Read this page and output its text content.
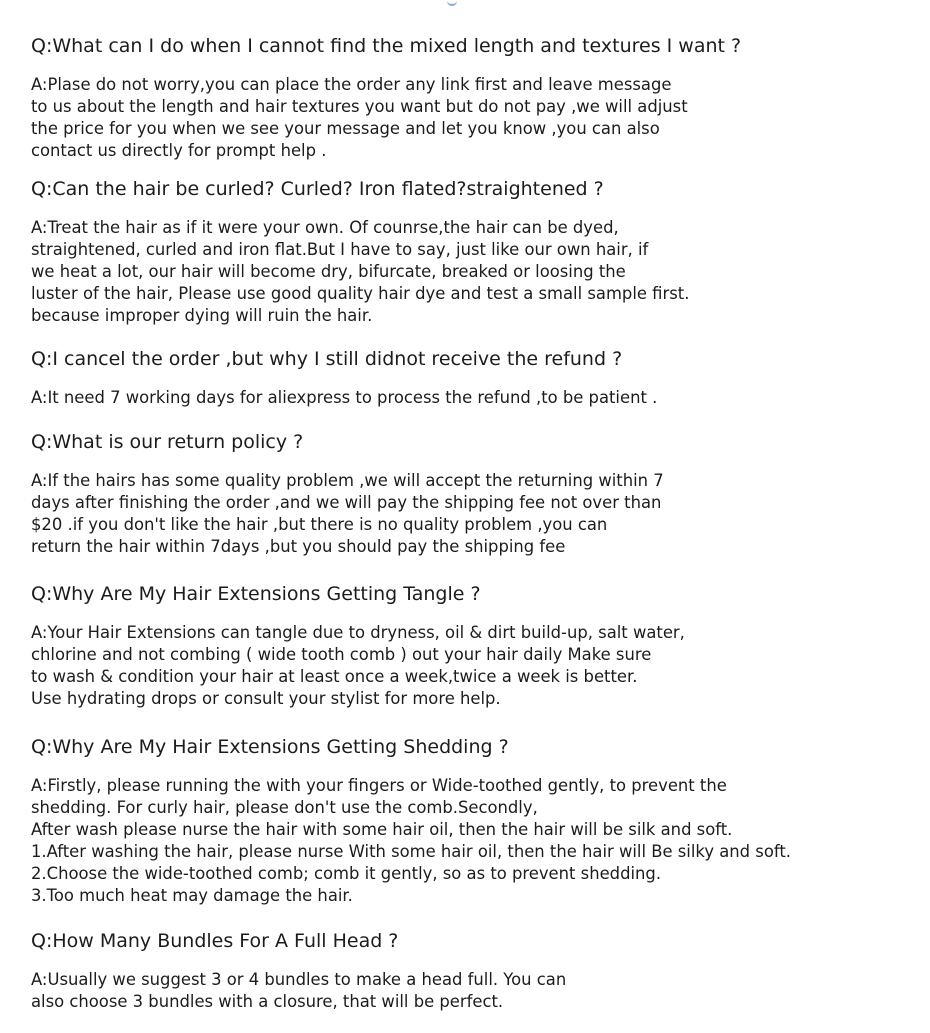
Q:What can I do when I cannot find the mixed length and textures I want ?

A:Plase do not worry,you can place the order any link first and leave message
to us about the length and hair textures you want but do not pay ,we will adjust
the price for you when we see your message and let you know ,you can also
contact us directly for prompt help .

Q:Can the hair be curled? Curled? Iron flated?straightened ?

A:Treat the hair as if it were your own. Of counrse,the hair can be dyed,
straightened, curled and iron flat.But I have to say, just like our own hair, if
we heat a lot, our hair will become dry, bifurcate, breaked or loosing the
luster of the hair, Please use good quality hair dye and test a small sample first.
because improper dying will ruin the hair.

Q:I cancel the order ,but why I still didnot receive the refund ?

A:It need 7 working days for aliexpress to process the refund ,to be patient .

Q:What is our return policy ?

A:If the hairs has some quality problem ,we will accept the returning within 7
days after finishing the order ,and we will pay the shipping fee not over than
$20 .if you don't like the hair ,but there is no quality problem ,you can
return the hair within 7days ,but you should pay the shipping fee

Q:Why Are My Hair Extensions Getting Tangle ?

A:Your Hair Extensions can tangle due to dryness, oil & dirt build-up, salt water,
chlorine and not combing ( wide tooth comb ) out your hair daily Make sure
to wash & condition your hair at least once a week,twice a week is better.
Use hydrating drops or consult your stylist for more help.

Q:Why Are My Hair Extensions Getting Shedding ?

A:Firstly, please running the with your fingers or Wide-toothed gently, to prevent the
shedding. For curly hair, please don't use the comb.Secondly,
After wash please nurse the hair with some hair oil, then the hair will be silk and soft.
1.After washing the hair, please nurse With some hair oil, then the hair will Be silky and soft.
2.Choose the wide-toothed comb; comb it gently, so as to prevent shedding.
3.Too much heat may damage the hair.

Q:How Many Bundles For A Full Head ?

A:Usually we suggest 3 or 4 bundles to make a head full. You can
also choose 3 bundles with a closure, that will be perfect.
